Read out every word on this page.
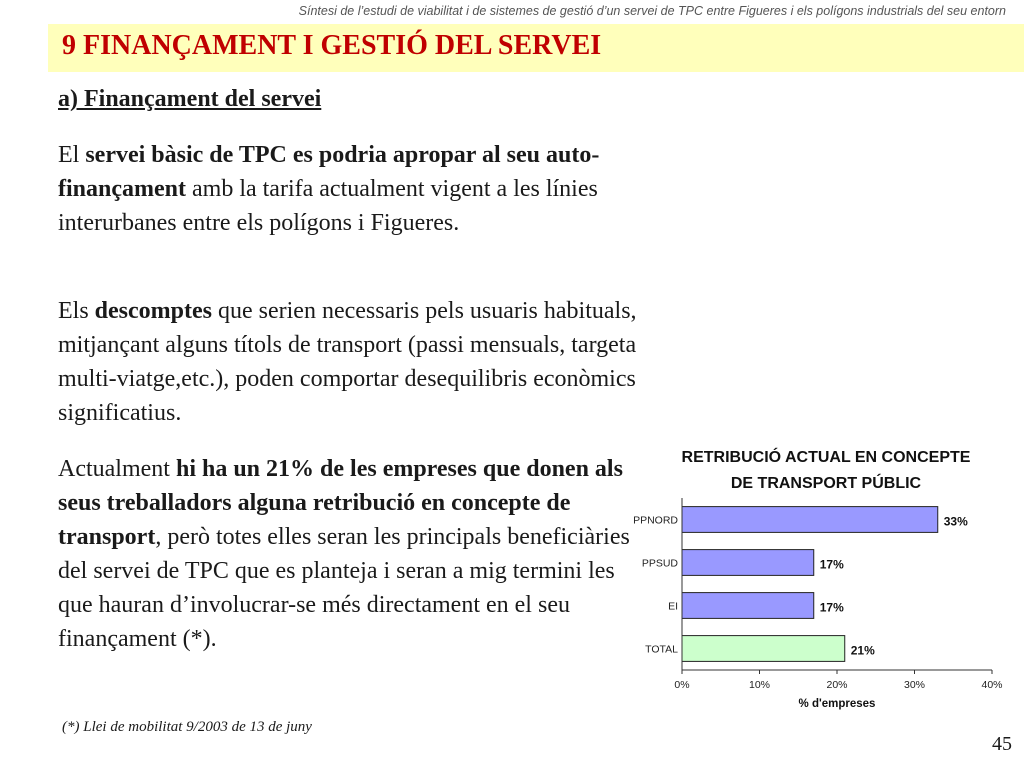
Síntesi de l’estudi de viabilitat i de sistemes de gestió d’un servei de TPC entre Figueres i els polígons industrials del seu entorn
9 FINANÇAMENT I GESTIÓ DEL SERVEI
a) Finançament del servei

El servei bàsic de TPC es podria apropar al seu auto-finançament amb la tarifa actualment vigent a les línies interurbanes entre els polígons i Figueres.

Els descomptes que serien necessaris pels usuaris habituals, mitjançant alguns títols de transport (passi mensuals, targeta multi-viatge,etc.), poden comportar desequilibris econòmics significatius.

Actualment hi ha un 21% de les empreses que donen als seus treballadors alguna retribució en concepte de transport, però totes elles seran les principals beneficiàries del servei de TPC que es planteja i seran a mig termini les que hauran d’involucrar-se més directament en el seu finançament (*).

(*) Llei de mobilitat 9/2003 de 13 de juny
45
RETRIBUCIÓ ACTUAL EN CONCEPTE
DE TRANSPORT PÚBLIC
PPNORD	33%
PPSUD	17%
EI	17%
TOTAL	21%
0%	10%	20%	30%	40%
% d'empreses
